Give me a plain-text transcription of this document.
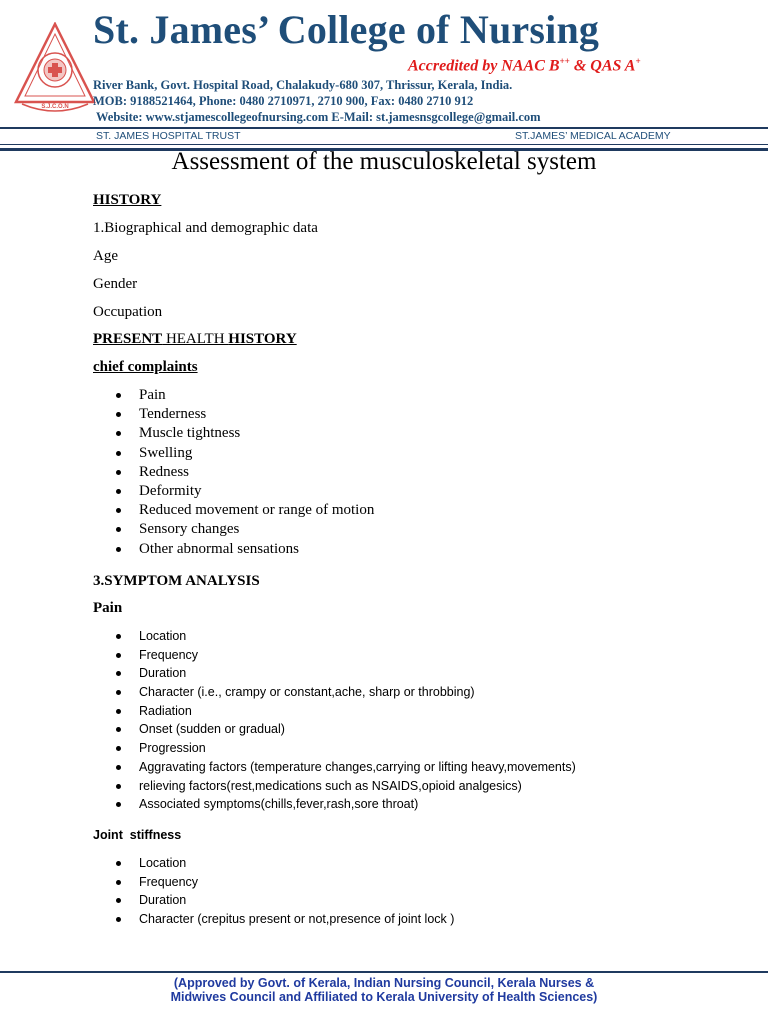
S.J.C.O.N
St. James’ College of Nursing
Accredited by NAAC B++ & QAS A+
River Bank, Govt. Hospital Road, Chalakudy-680 307, Thrissur, Kerala, India.
MOB: 9188521464, Phone: 0480 2710971, 2710 900, Fax: 0480 2710 912
Website: www.stjamescollegeofnursing.com E-Mail: st.jamesnsgcollege@gmail.com
ST. JAMES HOSPITAL TRUST	ST.JAMES’ MEDICAL ACADEMY
Assessment of the musculoskeletal system
HISTORY
1.Biographical and demographic data
Age
Gender
Occupation
PRESENT HEALTH HISTORY
chief complaints
Pain
Tenderness
Muscle tightness
Swelling
Redness
Deformity
Reduced movement or range of motion
Sensory changes
Other abnormal sensations
3.SYMPTOM ANALYSIS
Pain
Location
Frequency
Duration
Character (i.e., crampy or constant,ache, sharp or throbbing)
Radiation
Onset (sudden or gradual)
Progression
Aggravating factors (temperature changes,carrying or lifting heavy,movements)
relieving factors(rest,medications such as NSAIDS,opioid analgesics)
Associated symptoms(chills,fever,rash,sore throat)
Joint  stiffness
Location
Frequency
Duration
Character (crepitus present or not,presence of joint lock )
(Approved by Govt. of Kerala, Indian Nursing Council, Kerala Nurses &
Midwives Council and Affiliated to Kerala University of Health Sciences)
